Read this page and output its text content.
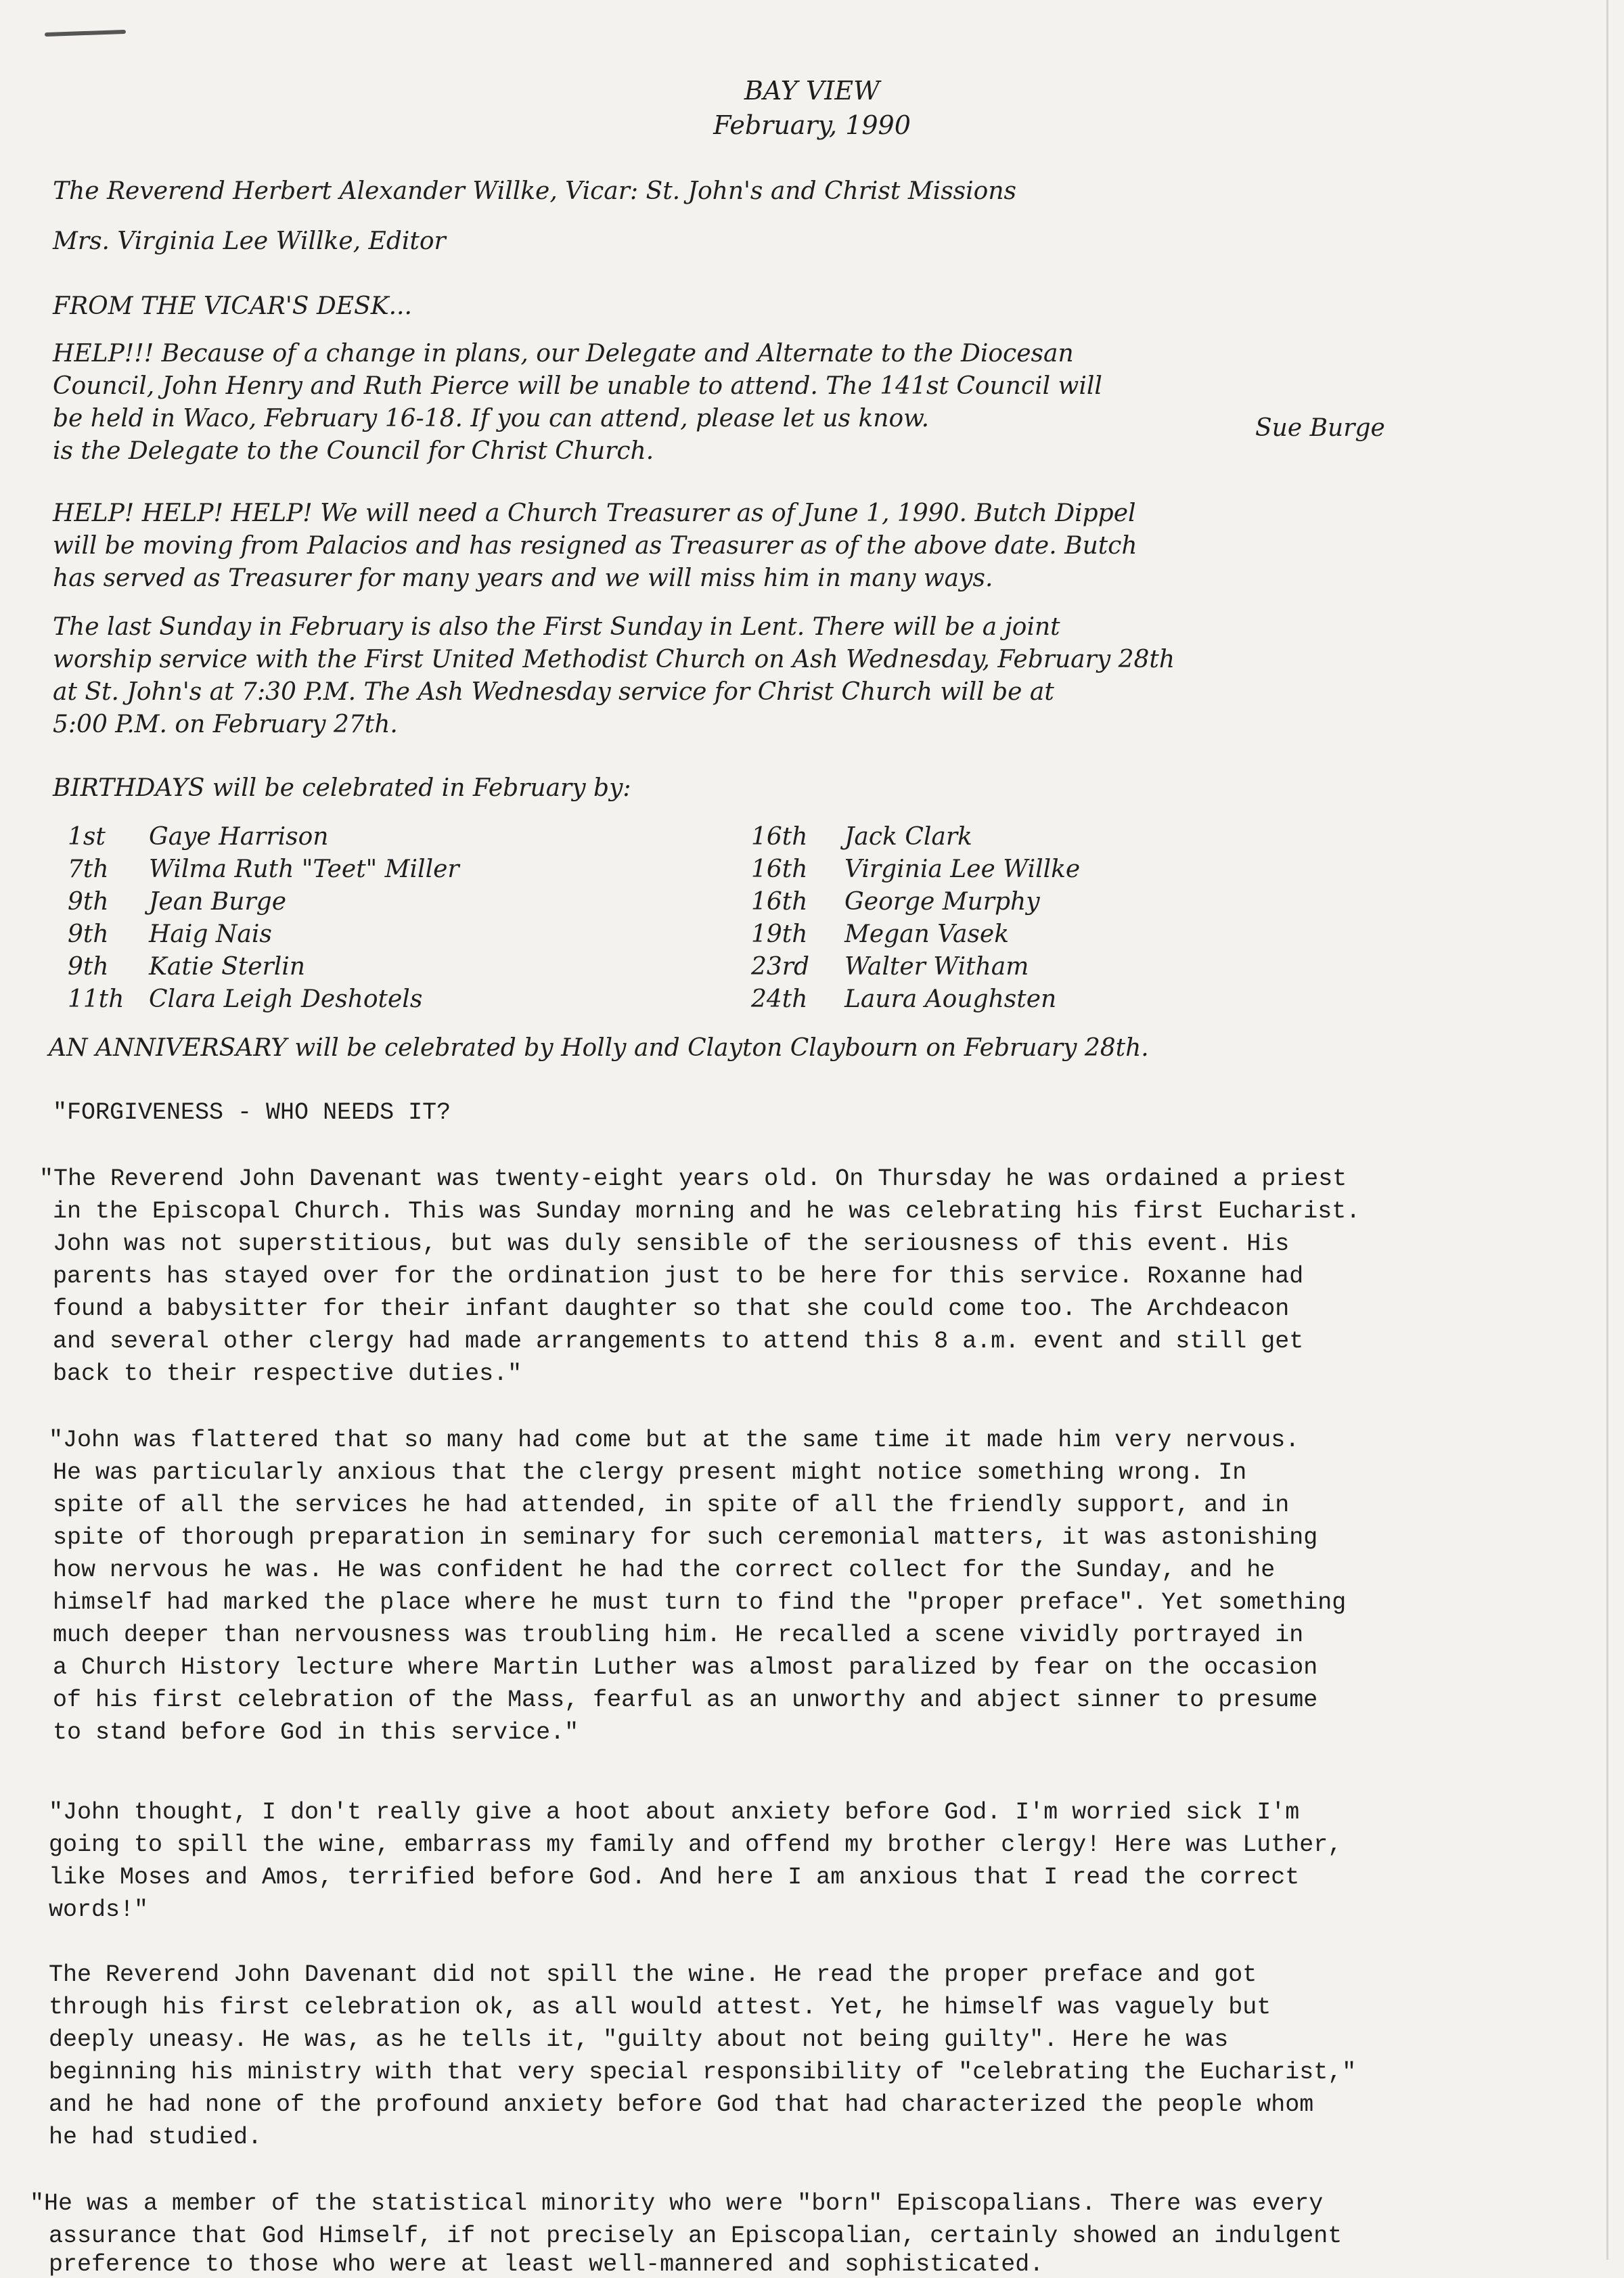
BAY VIEW
February, 1990
The Reverend Herbert Alexander Willke, Vicar: St. John's and Christ Missions
Mrs. Virginia Lee Willke, Editor
FROM THE VICAR'S DESK...
HELP!!! Because of a change in plans, our Delegate and Alternate to the Diocesan
Council, John Henry and Ruth Pierce will be unable to attend. The 141st Council will
be held in Waco, February 16-18. If you can attend, please let us know.	Sue Burge
is the Delegate to the Council for Christ Church.
HELP! HELP! HELP! We will need a Church Treasurer as of June 1, 1990. Butch Dippel
will be moving from Palacios and has resigned as Treasurer as of the above date. Butch
has served as Treasurer for many years and we will miss him in many ways.
The last Sunday in February is also the First Sunday in Lent. There will be a joint
worship service with the First United Methodist Church on Ash Wednesday, February 28th
at St. John's at 7:30 P.M. The Ash Wednesday service for Christ Church will be at
5:00 P.M. on February 27th.
BIRTHDAYS will be celebrated in February by:
1st Gaye Harrison
7th Wilma Ruth "Teet" Miller
9th Jean Burge
9th Haig Nais
9th Katie Sterlin
11th Clara Leigh Deshotels
16th Jack Clark
16th Virginia Lee Willke
16th George Murphy
19th Megan Vasek
23rd Walter Witham
24th Laura Aoughsten
AN ANNIVERSARY will be celebrated by Holly and Clayton Claybourn on February 28th.
"FORGIVENESS - WHO NEEDS IT?
"The Reverend John Davenant was twenty-eight years old. On Thursday he was ordained a priest
in the Episcopal Church. This was Sunday morning and he was celebrating his first Eucharist.
John was not superstitious, but was duly sensible of the seriousness of this event. His
parents has stayed over for the ordination just to be here for this service. Roxanne had
found a babysitter for their infant daughter so that she could come too. The Archdeacon
and several other clergy had made arrangements to attend this 8 a.m. event and still get
back to their respective duties."
"John was flattered that so many had come but at the same time it made him very nervous.
He was particularly anxious that the clergy present might notice something wrong. In
spite of all the services he had attended, in spite of all the friendly support, and in
spite of thorough preparation in seminary for such ceremonial matters, it was astonishing
how nervous he was. He was confident he had the correct collect for the Sunday, and he
himself had marked the place where he must turn to find the "proper preface". Yet something
much deeper than nervousness was troubling him. He recalled a scene vividly portrayed in
a Church History lecture where Martin Luther was almost paralized by fear on the occasion
of his first celebration of the Mass, fearful as an unworthy and abject sinner to presume
to stand before God in this service."
"John thought, I don't really give a hoot about anxiety before God. I'm worried sick I'm
going to spill the wine, embarrass my family and offend my brother clergy! Here was Luther,
like Moses and Amos, terrified before God. And here I am anxious that I read the correct
words!"
The Reverend John Davenant did not spill the wine. He read the proper preface and got
through his first celebration ok, as all would attest. Yet, he himself was vaguely but
deeply uneasy. He was, as he tells it, "guilty about not being guilty". Here he was
beginning his ministry with that very special responsibility of "celebrating the Eucharist,"
and he had none of the profound anxiety before God that had characterized the people whom
he had studied.
"He was a member of the statistical minority who were "born" Episcopalians. There was every
assurance that God Himself, if not precisely an Episcopalian, certainly showed an indulgent
preference to those who were at least well-mannered and sophisticated.
